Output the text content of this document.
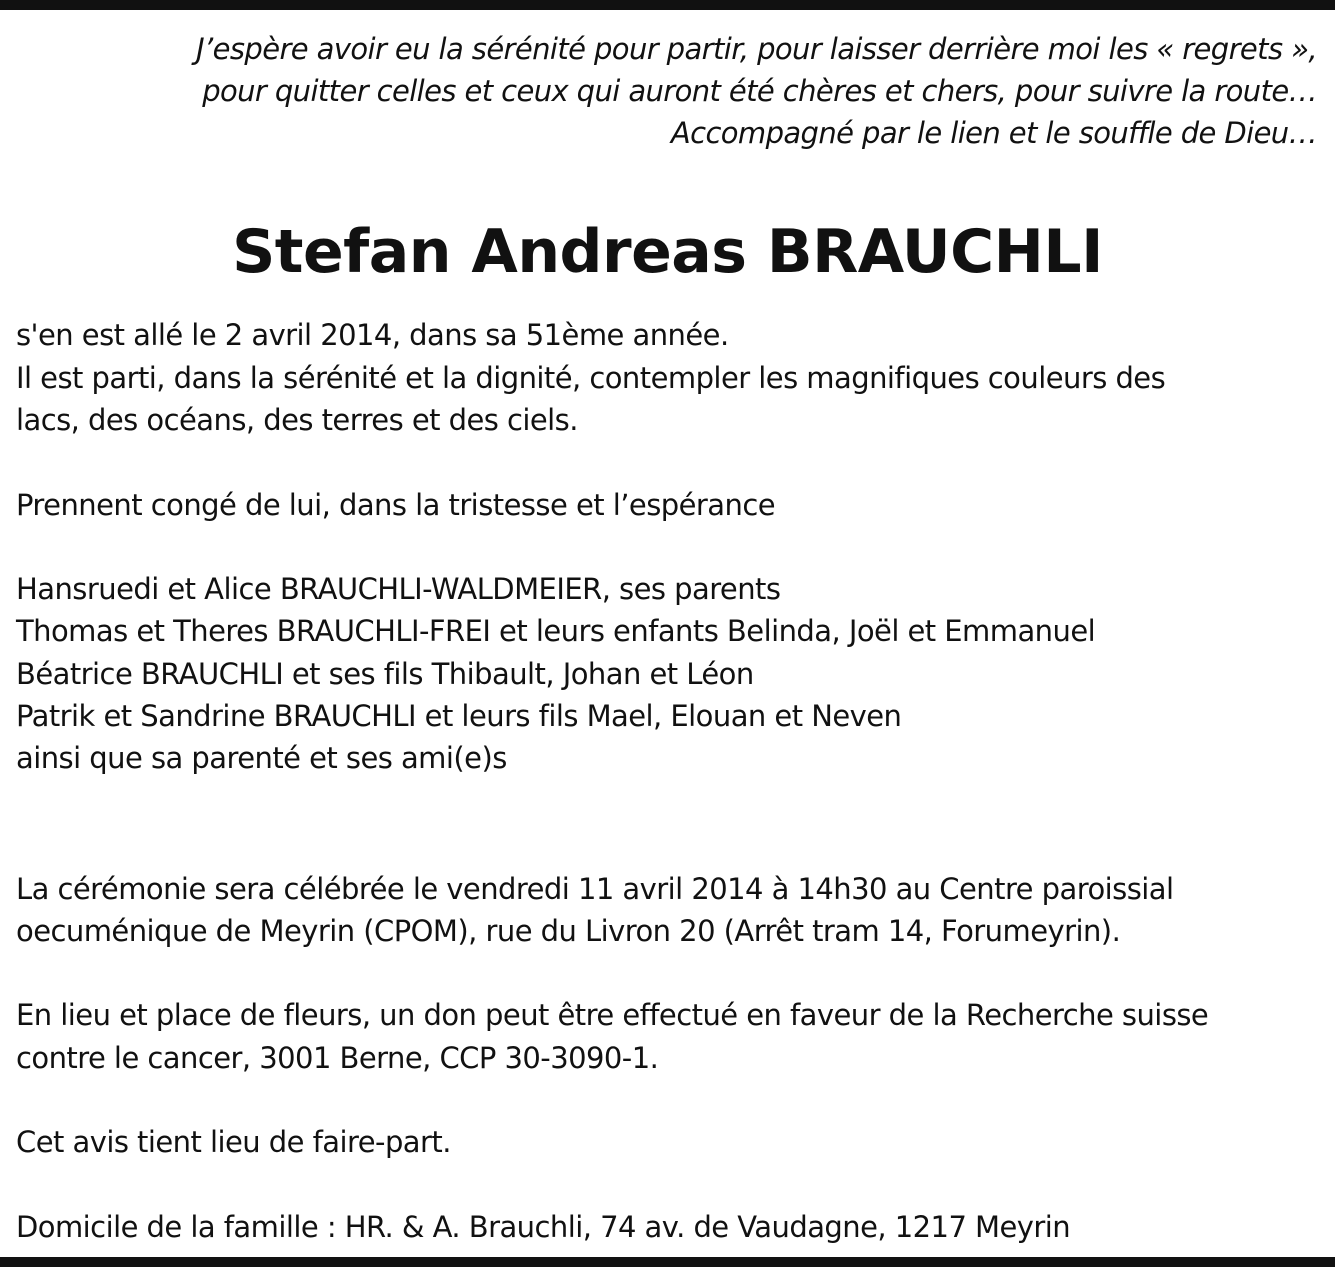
J’espère avoir eu la sérénité pour partir, pour laisser derrière moi les « regrets »,
pour quitter celles et ceux qui auront été chères et chers, pour suivre la route…
Accompagné par le lien et le souffle de Dieu…
Stefan Andreas BRAUCHLI
s'en est allé le 2 avril 2014, dans sa 51ème année.
Il est parti, dans la sérénité et la dignité, contempler les magnifiques couleurs des
lacs, des océans, des terres et des ciels.
Prennent congé de lui, dans la tristesse et l’espérance
Hansruedi et Alice BRAUCHLI-WALDMEIER, ses parents
Thomas et Theres BRAUCHLI-FREI et leurs enfants Belinda, Joël et Emmanuel
Béatrice BRAUCHLI et ses fils Thibault, Johan et Léon
Patrik et Sandrine BRAUCHLI et leurs fils Mael, Elouan et Neven
ainsi que sa parenté et ses ami(e)s
La cérémonie sera célébrée le vendredi 11 avril 2014 à 14h30 au Centre paroissial
oecuménique de Meyrin (CPOM), rue du Livron 20 (Arrêt tram 14, Forumeyrin).
En lieu et place de fleurs, un don peut être effectué en faveur de la Recherche suisse
contre le cancer, 3001 Berne, CCP 30-3090-1.
Cet avis tient lieu de faire-part.
Domicile de la famille : HR. & A. Brauchli, 74 av. de Vaudagne, 1217 Meyrin
